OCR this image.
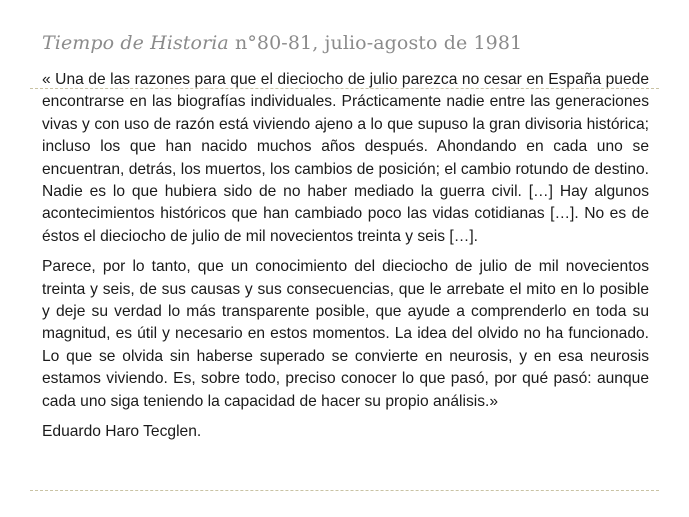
Tiempo de Historia n°80-81, julio-agosto de 1981

« Una de las razones para que el dieciocho de julio parezca no cesar en España puede encontrarse en las biografías individuales. Prácticamente nadie entre las generaciones vivas y con uso de razón está viviendo ajeno a lo que supuso la gran divisoria histórica; incluso los que han nacido muchos años después. Ahondando en cada uno se encuentran, detrás, los muertos, los cambios de posición; el cambio rotundo de destino. Nadie es lo que hubiera sido de no haber mediado la guerra civil. […] Hay algunos acontecimientos históricos que han cambiado poco las vidas cotidianas […]. No es de éstos el dieciocho de julio de mil novecientos treinta y seis […].

Parece, por lo tanto, que un conocimiento del dieciocho de julio de mil novecientos treinta y seis, de sus causas y sus consecuencias, que le arrebate el mito en lo posible y deje su verdad lo más transparente posible, que ayude a comprenderlo en toda su magnitud, es útil y necesario en estos momentos. La idea del olvido no ha funcionado. Lo que se olvida sin haberse superado se convierte en neurosis, y en esa neurosis estamos viviendo. Es, sobre todo, preciso conocer lo que pasó, por qué pasó: aunque cada uno siga teniendo la capacidad de hacer su propio análisis.»

Eduardo Haro Tecglen.
